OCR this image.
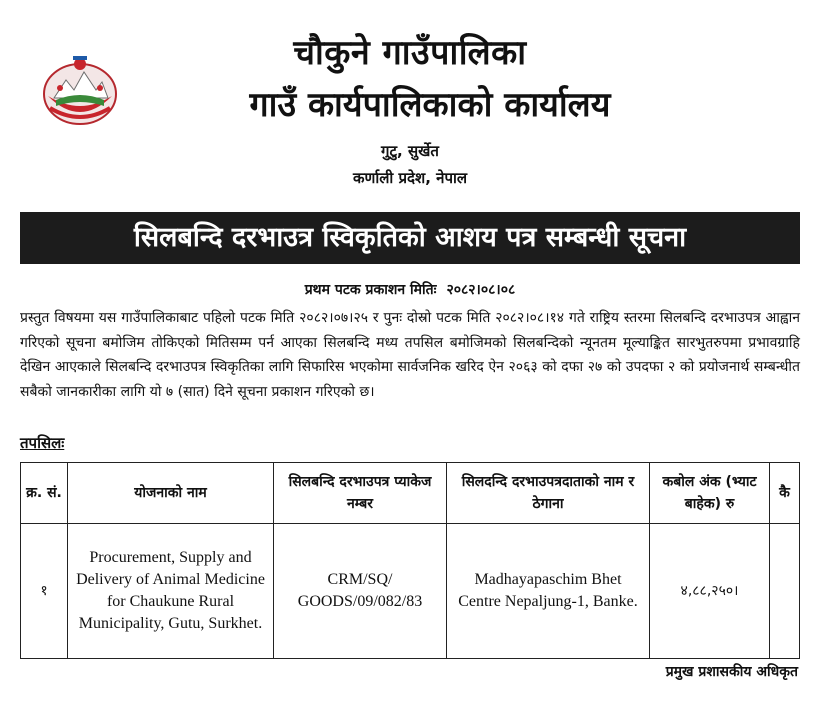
चौकुने गाउँपालिका
गाउँ कार्यपालिकाको कार्यालय
गुटु, सुर्खेत
कर्णाली प्रदेश, नेपाल
सिलबन्दि दरभाउत्र स्विकृतिको आशय पत्र सम्बन्धी सूचना
प्रथम पटक प्रकाशन मितिः २०८२।०८।०८
प्रस्तुत विषयमा यस गाउँपालिकाबाट पहिलो पटक मिति २०८२।०७।२५ र पुनः दोस्रो पटक मिति २०८२।०८।१४ गते राष्ट्रिय स्तरमा सिलबन्दि दरभाउपत्र आह्वान गरिएको सूचना बमोजिम तोकिएको मितिसम्म पर्न आएका सिलबन्दि मध्य तपसिल बमोजिमको सिलबन्दिको न्यूनतम मूल्याङ्कित सारभुतरुपमा प्रभावग्राहि देखिन आएकाले सिलबन्दि दरभाउपत्र स्विकृतिका लागि सिफारिस भएकोमा सार्वजनिक खरिद ऐन २०६३ को दफा २७ को उपदफा २ को प्रयोजनार्थ सम्बन्धीत सबैको जानकारीका लागि यो ७ (सात) दिने सूचना प्रकाशन गरिएको छ।
तपसिलः
क्र. सं.	योजनाको नाम	सिलबन्दि दरभाउपत्र प्याकेज नम्बर	सिलदन्दि दरभाउपत्रदाताको नाम र ठेगाना	कबोल अंक (भ्याट बाहेक) रु	कै
१	Procurement, Supply and Delivery of Animal Medicine for Chaukune Rural Municipality, Gutu, Surkhet.	CRM/SQ/ GOODS/09/082/83	Madhayapaschim Bhet Centre Nepaljung-1, Banke.	४,८८,२५०।	
प्रमुख प्रशासकीय अधिकृत
